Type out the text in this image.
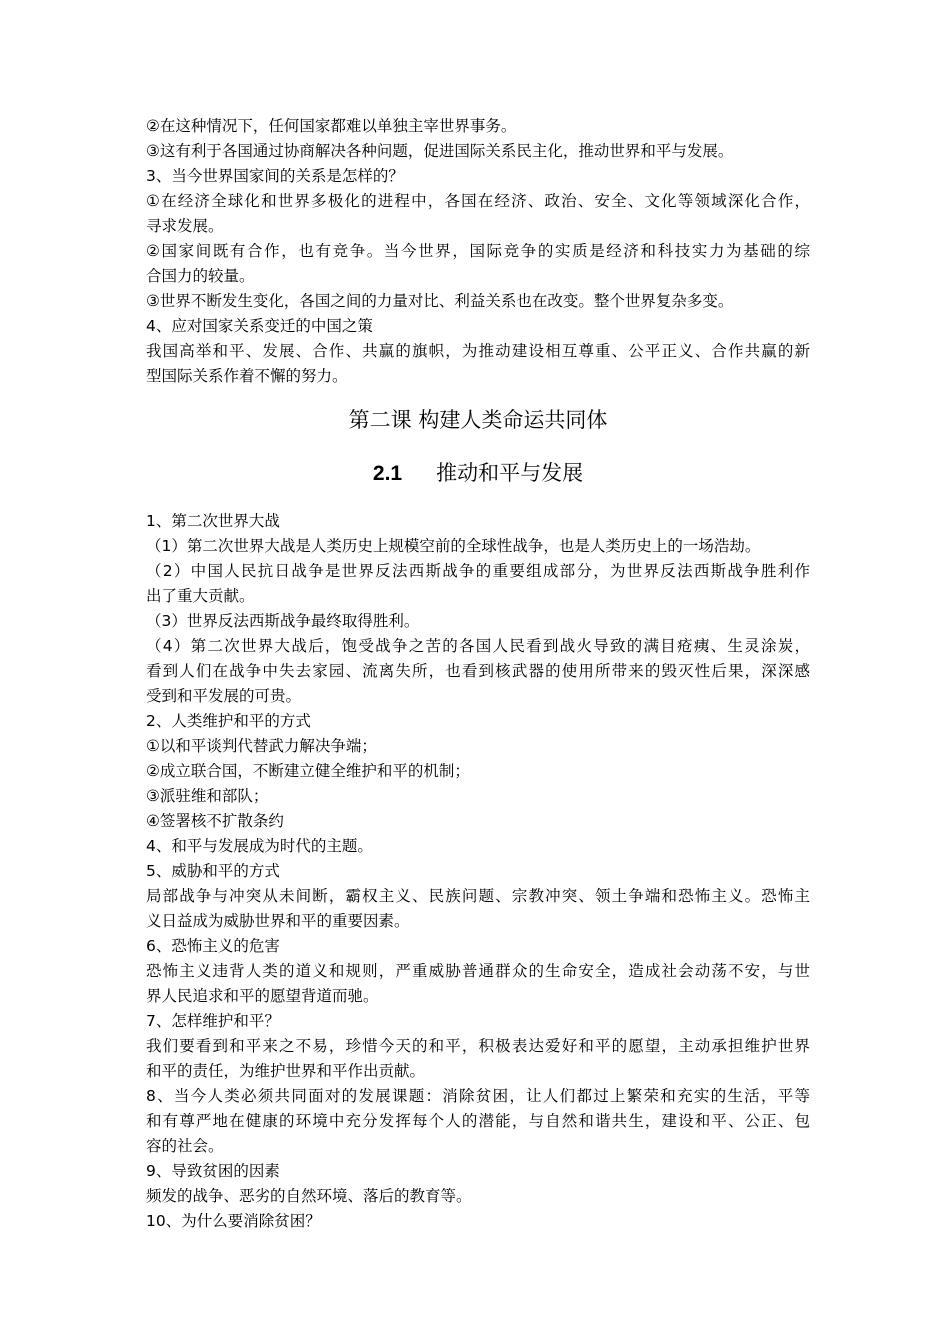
②在这种情况下，任何国家都难以单独主宰世界事务。
③这有利于各国通过协商解决各种问题，促进国际关系民主化，推动世界和平与发展。
3、当今世界国家间的关系是怎样的？
①在经济全球化和世界多极化的进程中，各国在经济、政治、安全、文化等领域深化合作，
寻求发展。
②国家间既有合作，也有竞争。当今世界，国际竞争的实质是经济和科技实力为基础的综
合国力的较量。
③世界不断发生变化，各国之间的力量对比、利益关系也在改变。整个世界复杂多变。
4、应对国家关系变迁的中国之策
我国高举和平、发展、合作、共赢的旗帜，为推动建设相互尊重、公平正义、合作共赢的新
型国际关系作着不懈的努力。
第二课 构建人类命运共同体
2.1 推动和平与发展
1、第二次世界大战
（1）第二次世界大战是人类历史上规模空前的全球性战争，也是人类历史上的一场浩劫。
（2）中国人民抗日战争是世界反法西斯战争的重要组成部分，为世界反法西斯战争胜利作
出了重大贡献。
（3）世界反法西斯战争最终取得胜利。
（4）第二次世界大战后，饱受战争之苦的各国人民看到战火导致的满目疮痍、生灵涂炭，
看到人们在战争中失去家园、流离失所，也看到核武器的使用所带来的毁灭性后果，深深感
受到和平发展的可贵。
2、人类维护和平的方式
①以和平谈判代替武力解决争端；
②成立联合国，不断建立健全维护和平的机制；
③派驻维和部队；
④签署核不扩散条约
4、和平与发展成为时代的主题。
5、威胁和平的方式
局部战争与冲突从未间断，霸权主义、民族问题、宗教冲突、领土争端和恐怖主义。恐怖主
义日益成为威胁世界和平的重要因素。
6、恐怖主义的危害
恐怖主义违背人类的道义和规则，严重威胁普通群众的生命安全，造成社会动荡不安，与世
界人民追求和平的愿望背道而驰。
7、怎样维护和平？
我们要看到和平来之不易，珍惜今天的和平，积极表达爱好和平的愿望，主动承担维护世界
和平的责任，为维护世界和平作出贡献。
8、当今人类必须共同面对的发展课题：消除贫困，让人们都过上繁荣和充实的生活，平等
和有尊严地在健康的环境中充分发挥每个人的潜能，与自然和谐共生，建设和平、公正、包
容的社会。
9、导致贫困的因素
频发的战争、恶劣的自然环境、落后的教育等。
10、为什么要消除贫困？
